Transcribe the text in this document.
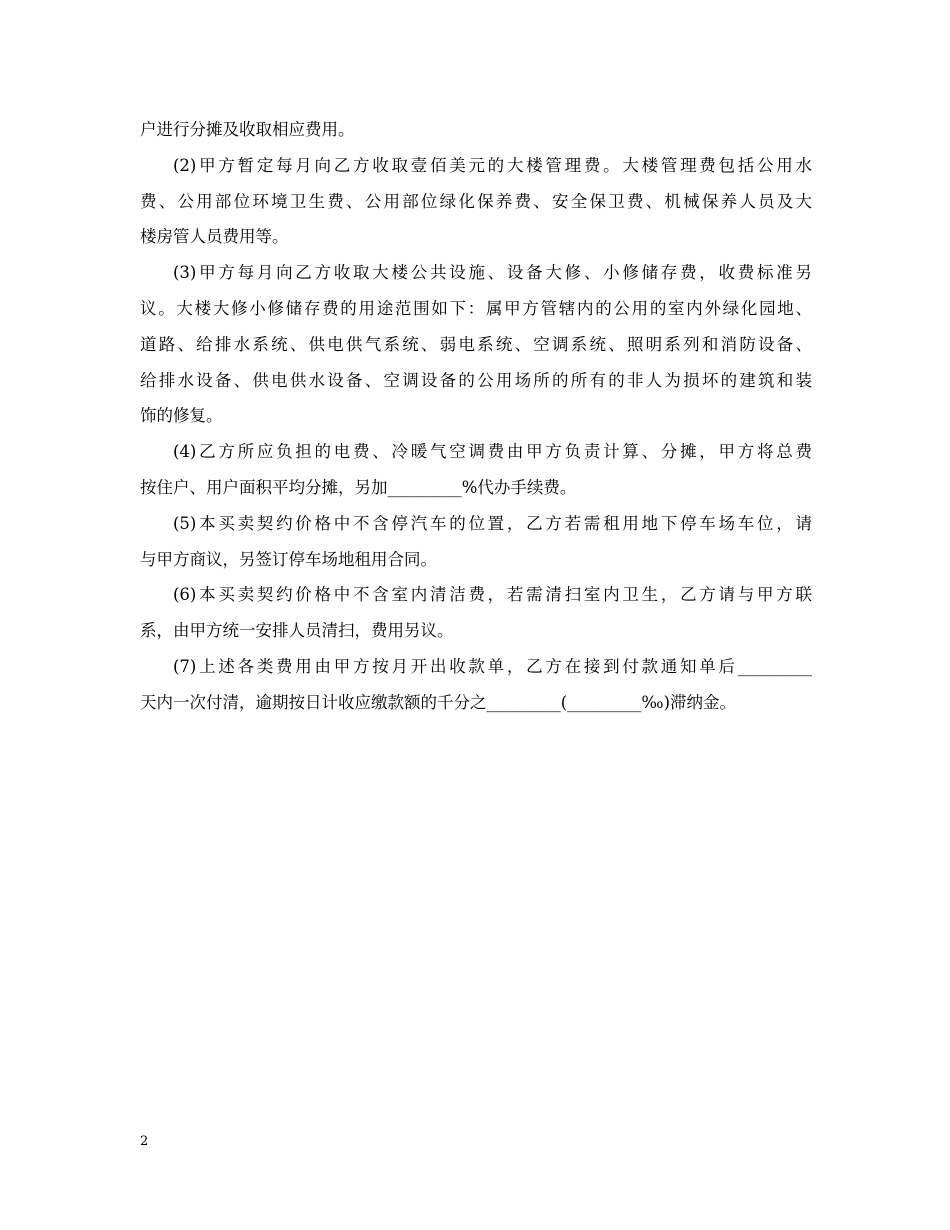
户进行分摊及收取相应费用。
(2)甲方暂定每月向乙方收取壹佰美元的大楼管理费。大楼管理费包括公用水
费、公用部位环境卫生费、公用部位绿化保养费、安全保卫费、机械保养人员及大
楼房管人员费用等。
(3)甲方每月向乙方收取大楼公共设施、设备大修、小修储存费，收费标准另
议。大楼大修小修储存费的用途范围如下：属甲方管辖内的公用的室内外绿化园地、
道路、给排水系统、供电供气系统、弱电系统、空调系统、照明系列和消防设备、
给排水设备、供电供水设备、空调设备的公用场所的所有的非人为损坏的建筑和装
饰的修复。
(4)乙方所应负担的电费、冷暖气空调费由甲方负责计算、分摊，甲方将总费
按住户、用户面积平均分摊，另加_________%代办手续费。
(5)本买卖契约价格中不含停汽车的位置，乙方若需租用地下停车场车位，请
与甲方商议，另签订停车场地租用合同。
(6)本买卖契约价格中不含室内清洁费，若需清扫室内卫生，乙方请与甲方联
系，由甲方统一安排人员清扫，费用另议。
(7)上述各类费用由甲方按月开出收款单，乙方在接到付款通知单后_________
天内一次付清，逾期按日计收应缴款额的千分之_________(_________‰)滞纳金。
2
